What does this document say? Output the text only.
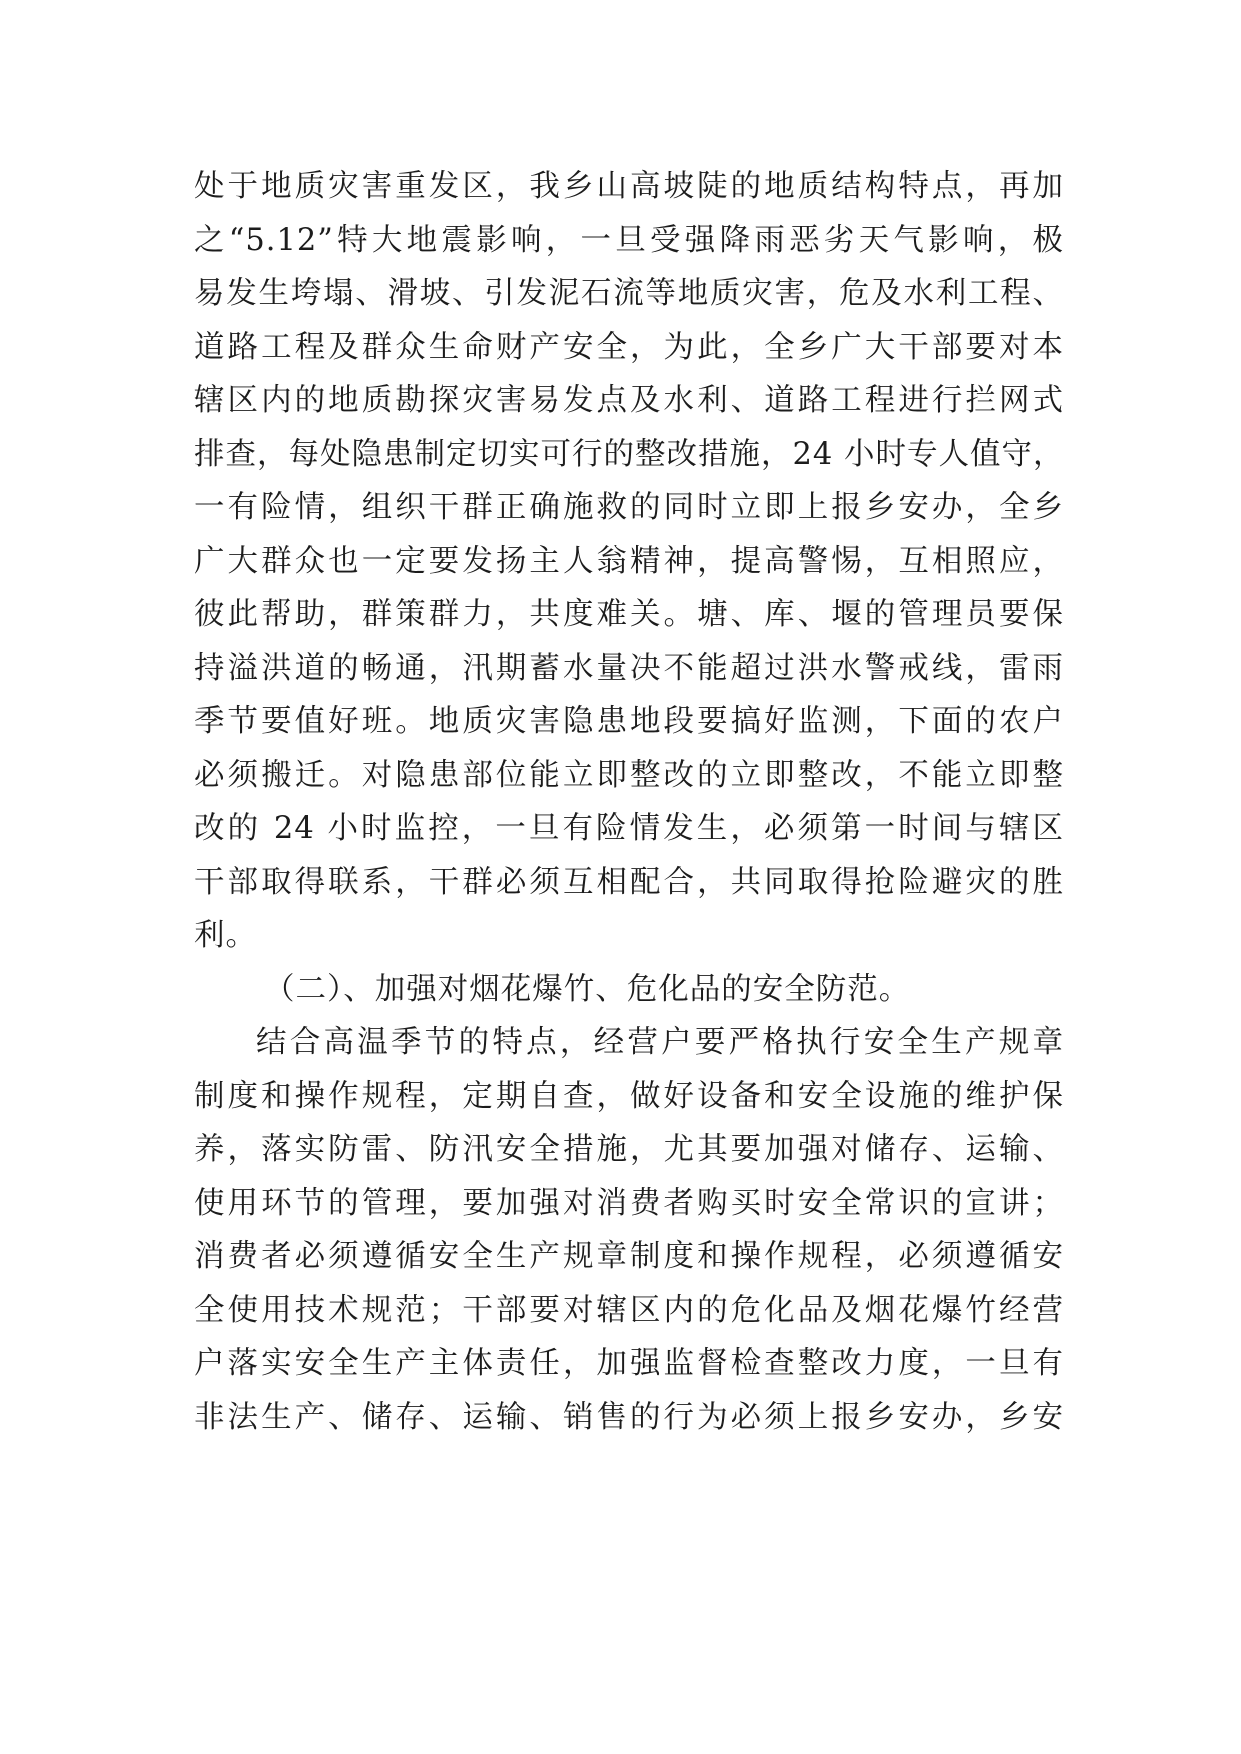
处于地质灾害重发区，我乡山高坡陡的地质结构特点，再加
之“5.12”特大地震影响，一旦受强降雨恶劣天气影响，极
易发生垮塌、滑坡、引发泥石流等地质灾害，危及水利工程、
道路工程及群众生命财产安全，为此，全乡广大干部要对本
辖区内的地质勘探灾害易发点及水利、道路工程进行拦网式
排查，每处隐患制定切实可行的整改措施，24 小时专人值守，
一有险情，组织干群正确施救的同时立即上报乡安办，全乡
广大群众也一定要发扬主人翁精神，提高警惕，互相照应，
彼此帮助，群策群力，共度难关。塘、库、堰的管理员要保
持溢洪道的畅通，汛期蓄水量决不能超过洪水警戒线，雷雨
季节要值好班。地质灾害隐患地段要搞好监测，下面的农户
必须搬迁。对隐患部位能立即整改的立即整改，不能立即整
改的 24 小时监控，一旦有险情发生，必须第一时间与辖区
干部取得联系，干群必须互相配合，共同取得抢险避灾的胜
利。
（二）、加强对烟花爆竹、危化品的安全防范。
结合高温季节的特点，经营户要严格执行安全生产规章
制度和操作规程，定期自查，做好设备和安全设施的维护保
养，落实防雷、防汛安全措施，尤其要加强对储存、运输、
使用环节的管理，要加强对消费者购买时安全常识的宣讲；
消费者必须遵循安全生产规章制度和操作规程，必须遵循安
全使用技术规范；干部要对辖区内的危化品及烟花爆竹经营
户落实安全生产主体责任，加强监督检查整改力度，一旦有
非法生产、储存、运输、销售的行为必须上报乡安办，乡安
